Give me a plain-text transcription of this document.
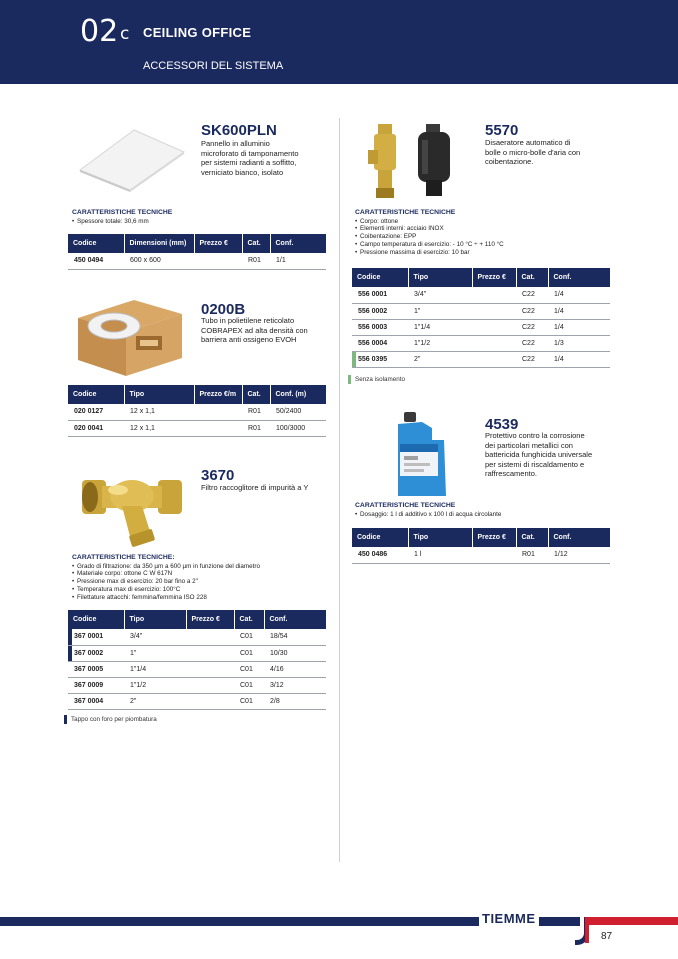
02 c CEILING OFFICE
ACCESSORI DEL SISTEMA
SK600PLN
Pannello in alluminio
microforato di tamponamento
per sistemi radianti a soffitto,
verniciato bianco, isolato
CARATTERISTICHE TECNICHE
• Spessore totale: 30,6 mm
Codice	Dimensioni (mm)	Prezzo €	Cat.	Conf.
450 0494	600 x 600		R01	1/1
0200B
Tubo in polietilene reticolato
COBRAPEX ad alta densità con
barriera anti ossigeno EVOH
Codice	Tipo	Prezzo €/m	Cat.	Conf. (m)
020 0127	12 x 1,1		R01	50/2400
020 0041	12 x 1,1		R01	100/3000
3670
Filtro raccoglitore di impurità a Y
CARATTERISTICHE TECNICHE:
• Grado di filtrazione: da 350 µm a 600 µm in funzione del diametro
• Materiale corpo: ottone C W 617N
• Pressione max di esercizio: 20 bar fino a 2"
• Temperatura max di esercizio: 100°C
• Filettature attacchi: femmina/femmina ISO 228
Codice	Tipo	Prezzo €	Cat.	Conf.
367 0001	3/4"		C01	18/54
367 0002	1"		C01	10/30
367 0005	1"1/4		C01	4/16
367 0009	1"1/2		C01	3/12
367 0004	2"		C01	2/8
Tappo con foro per piombatura
5570
Disaeratore automatico di
bolle o micro-bolle d'aria con
coibentazione.
CARATTERISTICHE TECNICHE
• Corpo: ottone
• Elementi interni: acciaio INOX
• Coibentazione: EPP
• Campo temperatura di esercizio: - 10 °C ÷ + 110 °C
• Pressione massima di esercizio: 10 bar
Codice	Tipo	Prezzo €	Cat.	Conf.
556 0001	3/4"		C22	1/4
556 0002	1"		C22	1/4
556 0003	1"1/4		C22	1/4
556 0004	1"1/2		C22	1/3
556 0395	2"		C22	1/4
Senza isolamento
4539
Protettivo contro la corrosione
dei particolari metallici con
battericida funghicida universale
per sistemi di riscaldamento e
raffrescamento.
CARATTERISTICHE TECNICHE
• Dosaggio: 1 l di additivo x 100 l di acqua circolante
Codice	Tipo	Prezzo €	Cat.	Conf.
450 0486	1 l		R01	1/12
TIEMME
87
